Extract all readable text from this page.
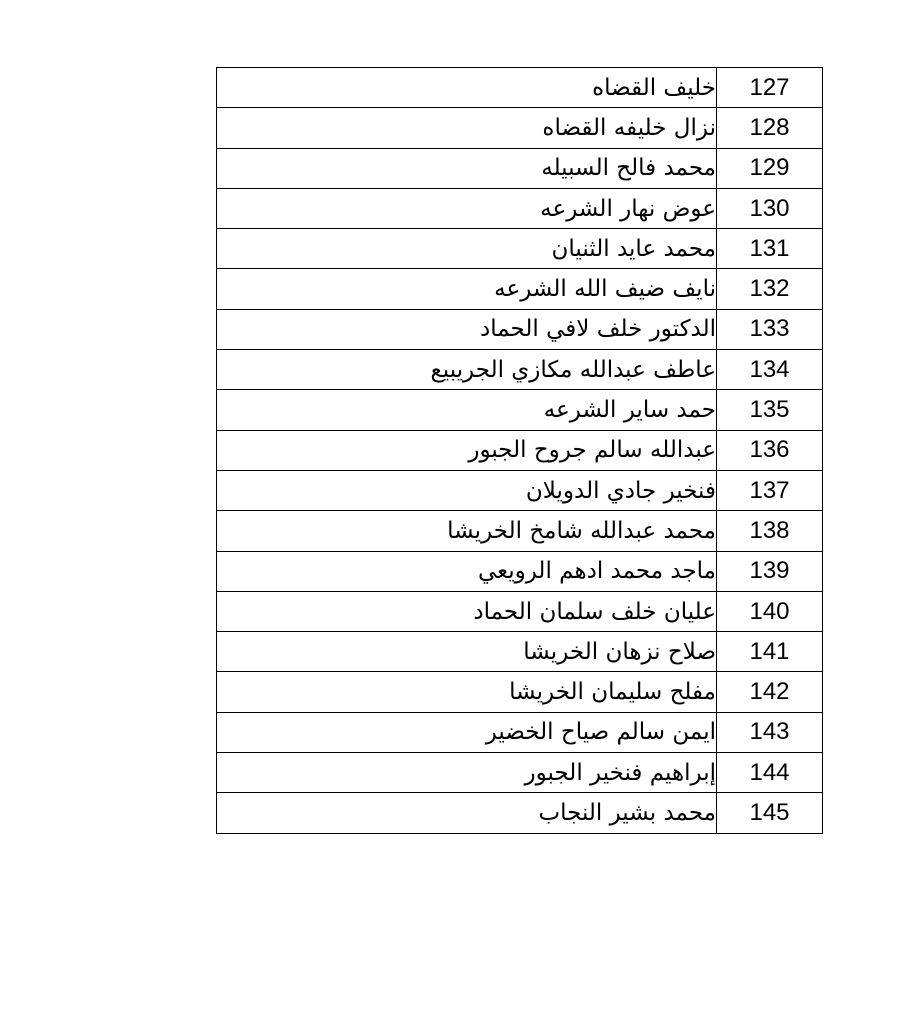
خليف القضاه	127
نزال خليفه القضاه	128
محمد فالح السبيله	129
عوض نهار الشرعه	130
محمد عايد الثنيان	131
نايف ضيف الله الشرعه	132
الدكتور خلف لافي الحماد	133
عاطف عبدالله مكازي الجريبيع	134
حمد ساير الشرعه	135
عبدالله سالم جروح الجبور	136
فنخير جادي الدويلان	137
محمد عبدالله شامخ الخريشا	138
ماجد محمد ادهم الرويعي	139
عليان خلف سلمان الحماد	140
صلاح نزهان الخريشا	141
مفلح سليمان الخريشا	142
ايمن سالم صياح الخضير	143
إبراهيم فنخير الجبور	144
محمد بشير النجاب	145
